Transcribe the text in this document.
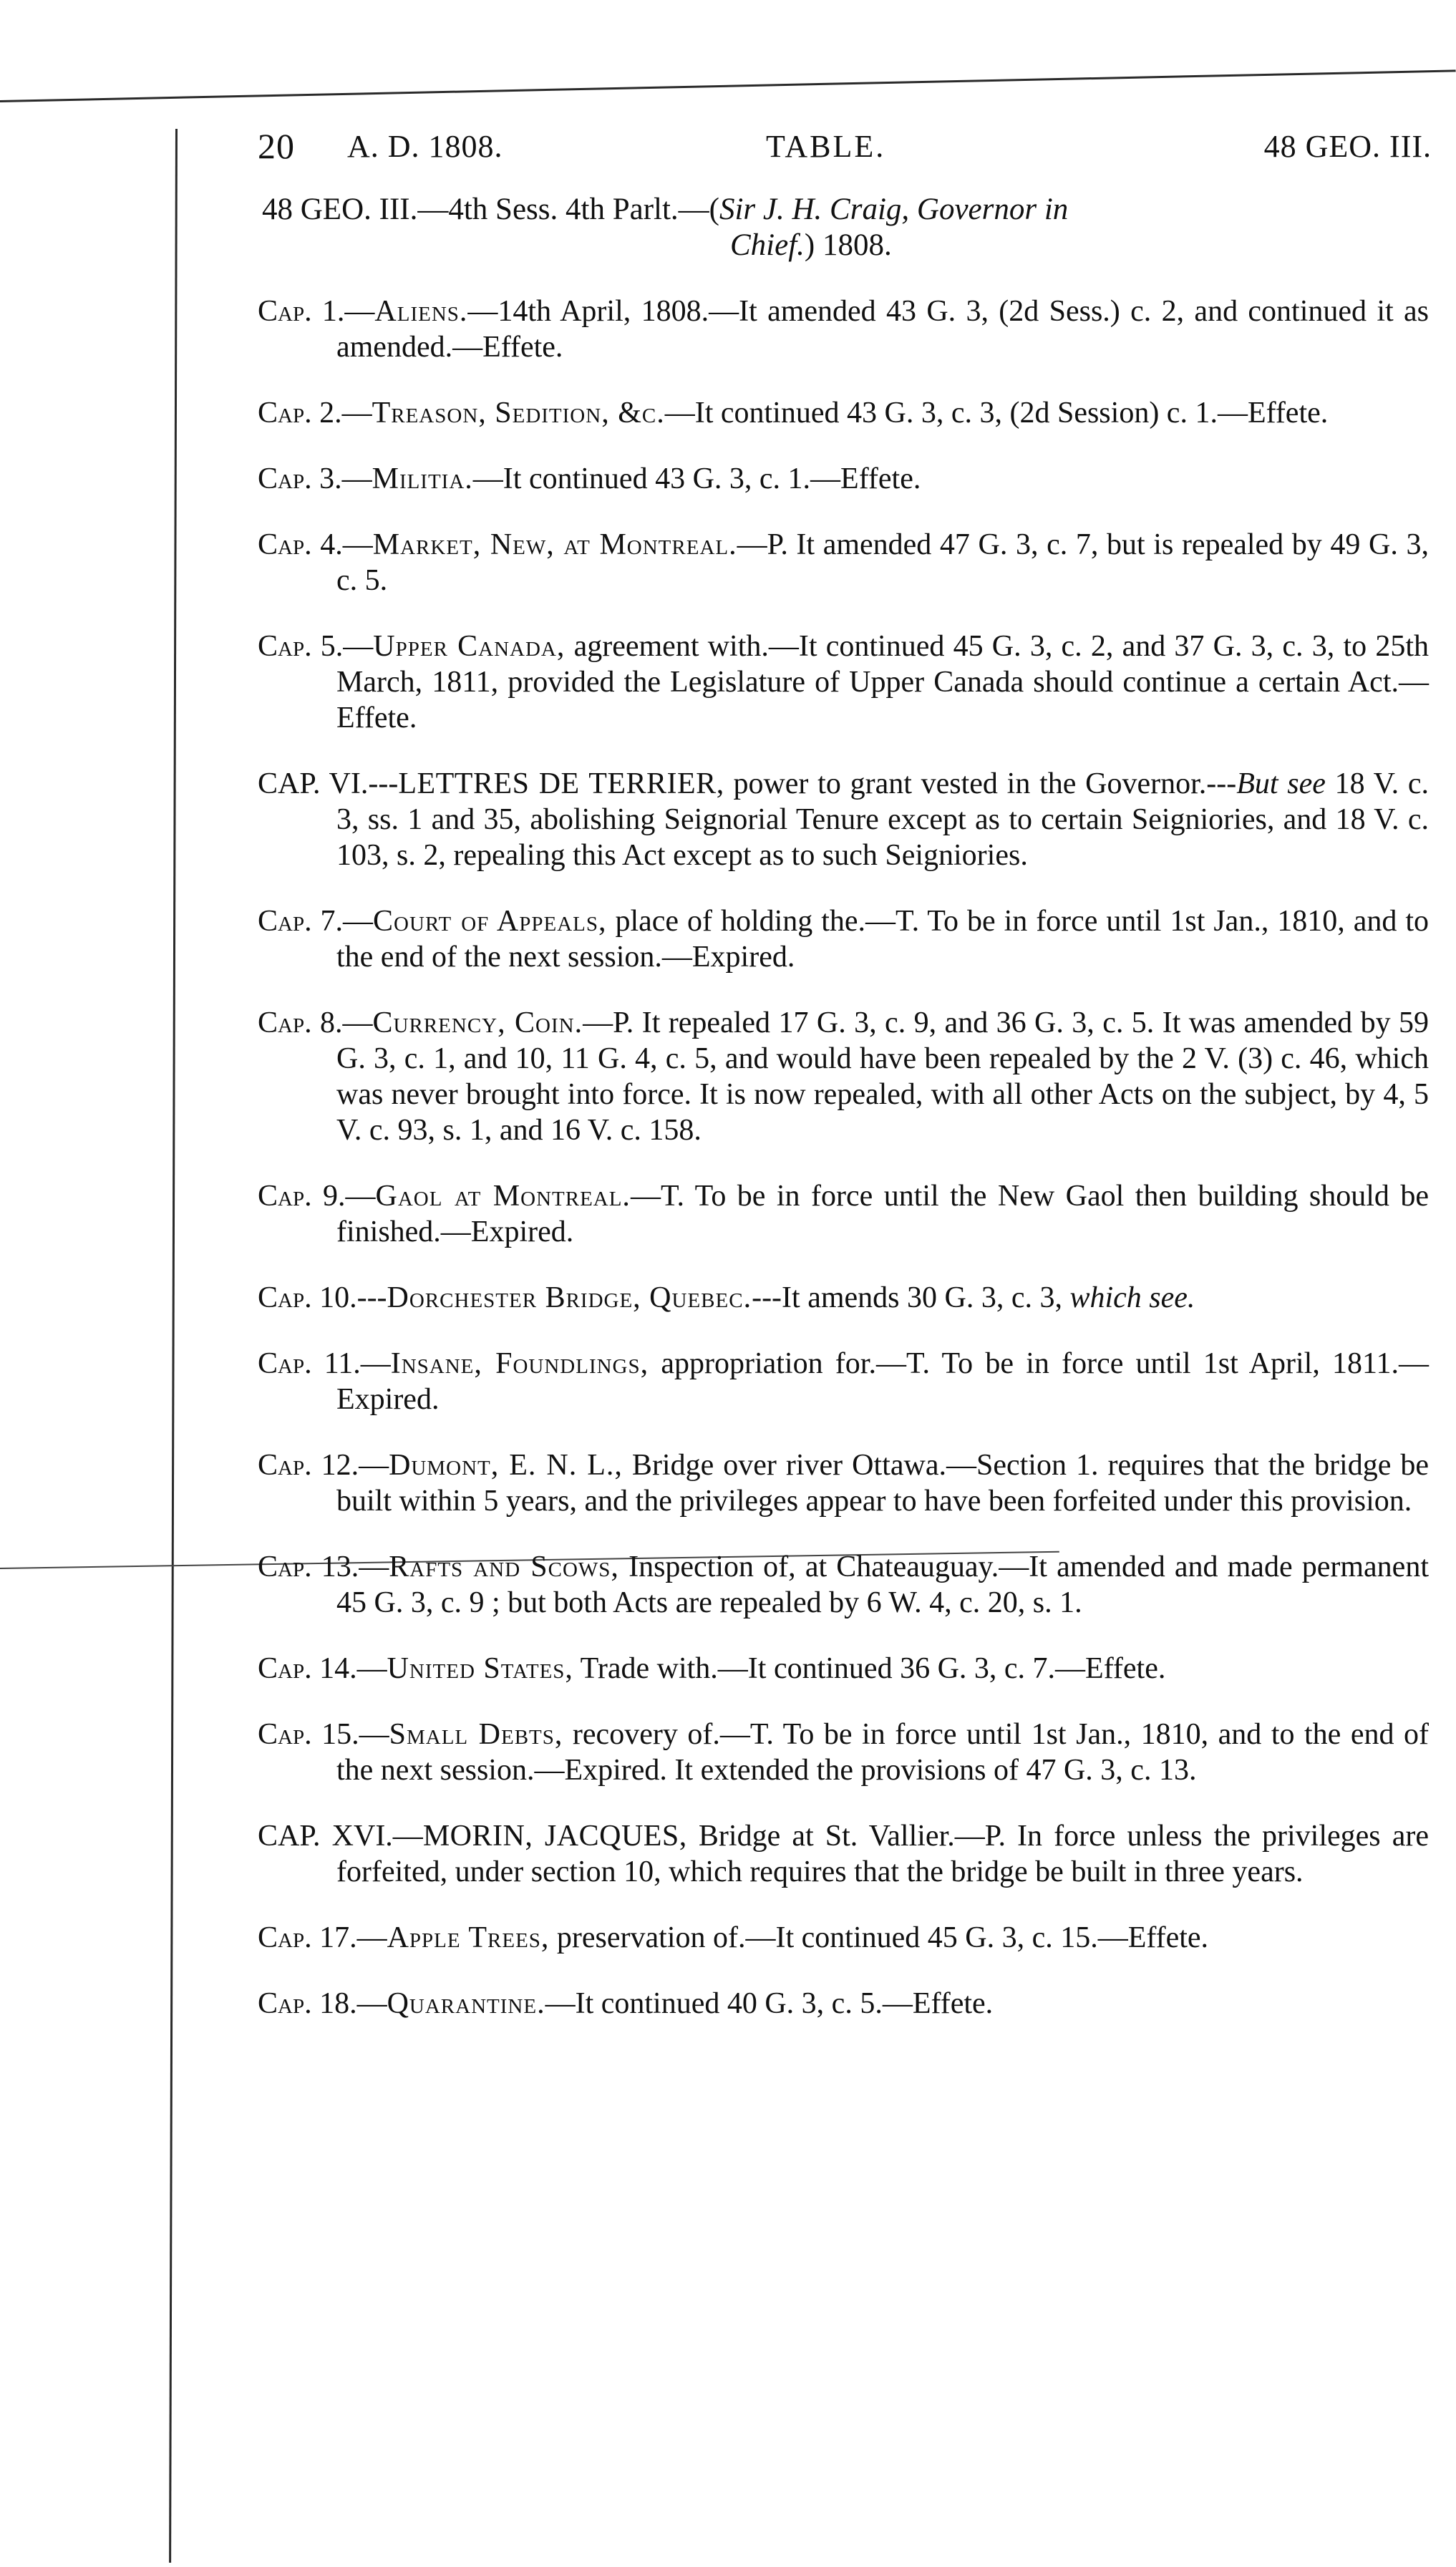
20 A. D. 1808.	TABLE.	48 GEO. III.
48 GEO. III.—4th Sess. 4th Parlt.—(Sir J. H. Craig, Governor in
Chief.) 1808.

Cap. 1.—Aliens.—14th April, 1808.—It amended 43 G. 3, (2d Sess.) c. 2, and continued it as amended.—Effete.

Cap. 2.—Treason, Sedition, &c.—It continued 43 G. 3, c. 3, (2d Session) c. 1.—Effete.

Cap. 3.—Militia.—It continued 43 G. 3, c. 1.—Effete.

Cap. 4.—Market, New, at Montreal.—P. It amended 47 G. 3, c. 7, but is repealed by 49 G. 3, c. 5.

Cap. 5.—Upper Canada, agreement with.—It continued 45 G. 3, c. 2, and 37 G. 3, c. 3, to 25th March, 1811, provided the Legislature of Upper Canada should continue a certain Act.—Effete.

CAP. VI.---LETTRES DE TERRIER, power to grant vested in the Governor.---But see 18 V. c. 3, ss. 1 and 35, abolishing Seignorial Tenure except as to certain Seigniories, and 18 V. c. 103, s. 2, repealing this Act except as to such Seigniories.

Cap. 7.—Court of Appeals, place of holding the.—T. To be in force until 1st Jan., 1810, and to the end of the next session.—Expired.

Cap. 8.—Currency, Coin.—P. It repealed 17 G. 3, c. 9, and 36 G. 3, c. 5. It was amended by 59 G. 3, c. 1, and 10, 11 G. 4, c. 5, and would have been repealed by the 2 V. (3) c. 46, which was never brought into force. It is now repealed, with all other Acts on the subject, by 4, 5 V. c. 93, s. 1, and 16 V. c. 158.

Cap. 9.—Gaol at Montreal.—T. To be in force until the New Gaol then building should be finished.—Expired.

Cap. 10.---Dorchester Bridge, Quebec.---It amends 30 G. 3, c. 3, which see.

Cap. 11.—Insane, Foundlings, appropriation for.—T. To be in force until 1st April, 1811.—Expired.

Cap. 12.—Dumont, E. N. L., Bridge over river Ottawa.—Section 1. requires that the bridge be built within 5 years, and the privileges appear to have been forfeited under this provision.

Cap. 13.—Rafts and Scows, Inspection of, at Chateauguay.—It amended and made permanent 45 G. 3, c. 9 ; but both Acts are repealed by 6 W. 4, c. 20, s. 1.

Cap. 14.—United States, Trade with.—It continued 36 G. 3, c. 7.—Effete.

Cap. 15.—Small Debts, recovery of.—T. To be in force until 1st Jan., 1810, and to the end of the next session.—Expired. It extended the provisions of 47 G. 3, c. 13.

CAP. XVI.—MORIN, JACQUES, Bridge at St. Vallier.—P. In force unless the privileges are forfeited, under section 10, which requires that the bridge be built in three years.

Cap. 17.—Apple Trees, preservation of.—It continued 45 G. 3, c. 15.—Effete.

Cap. 18.—Quarantine.—It continued 40 G. 3, c. 5.—Effete.
